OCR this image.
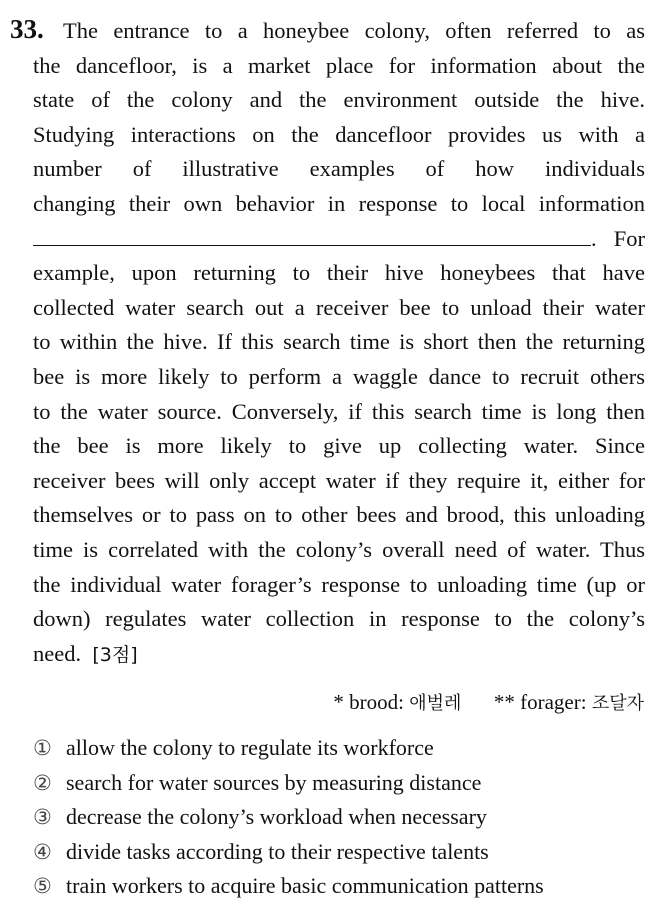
33. The entrance to a honeybee colony, often referred to as
the dancefloor, is a market place for information about the
state of the colony and the environment outside the hive.
Studying interactions on the dancefloor provides us with a
number of illustrative examples of how individuals
changing their own behavior in response to local information
. For
example, upon returning to their hive honeybees that have
collected water search out a receiver bee to unload their water
to within the hive. If this search time is short then the returning
bee is more likely to perform a waggle dance to recruit others
to the water source. Conversely, if this search time is long then
the bee is more likely to give up collecting water. Since
receiver bees will only accept water if they require it, either for
themselves or to pass on to other bees and brood, this unloading
time is correlated with the colony’s overall need of water. Thus
the individual water forager’s response to unloading time (up or
down) regulates water collection in response to the colony’s
need. [3점]
* brood: 애벌레 ** forager: 조달자
① allow the colony to regulate its workforce
② search for water sources by measuring distance
③ decrease the colony’s workload when necessary
④ divide tasks according to their respective talents
⑤ train workers to acquire basic communication patterns
